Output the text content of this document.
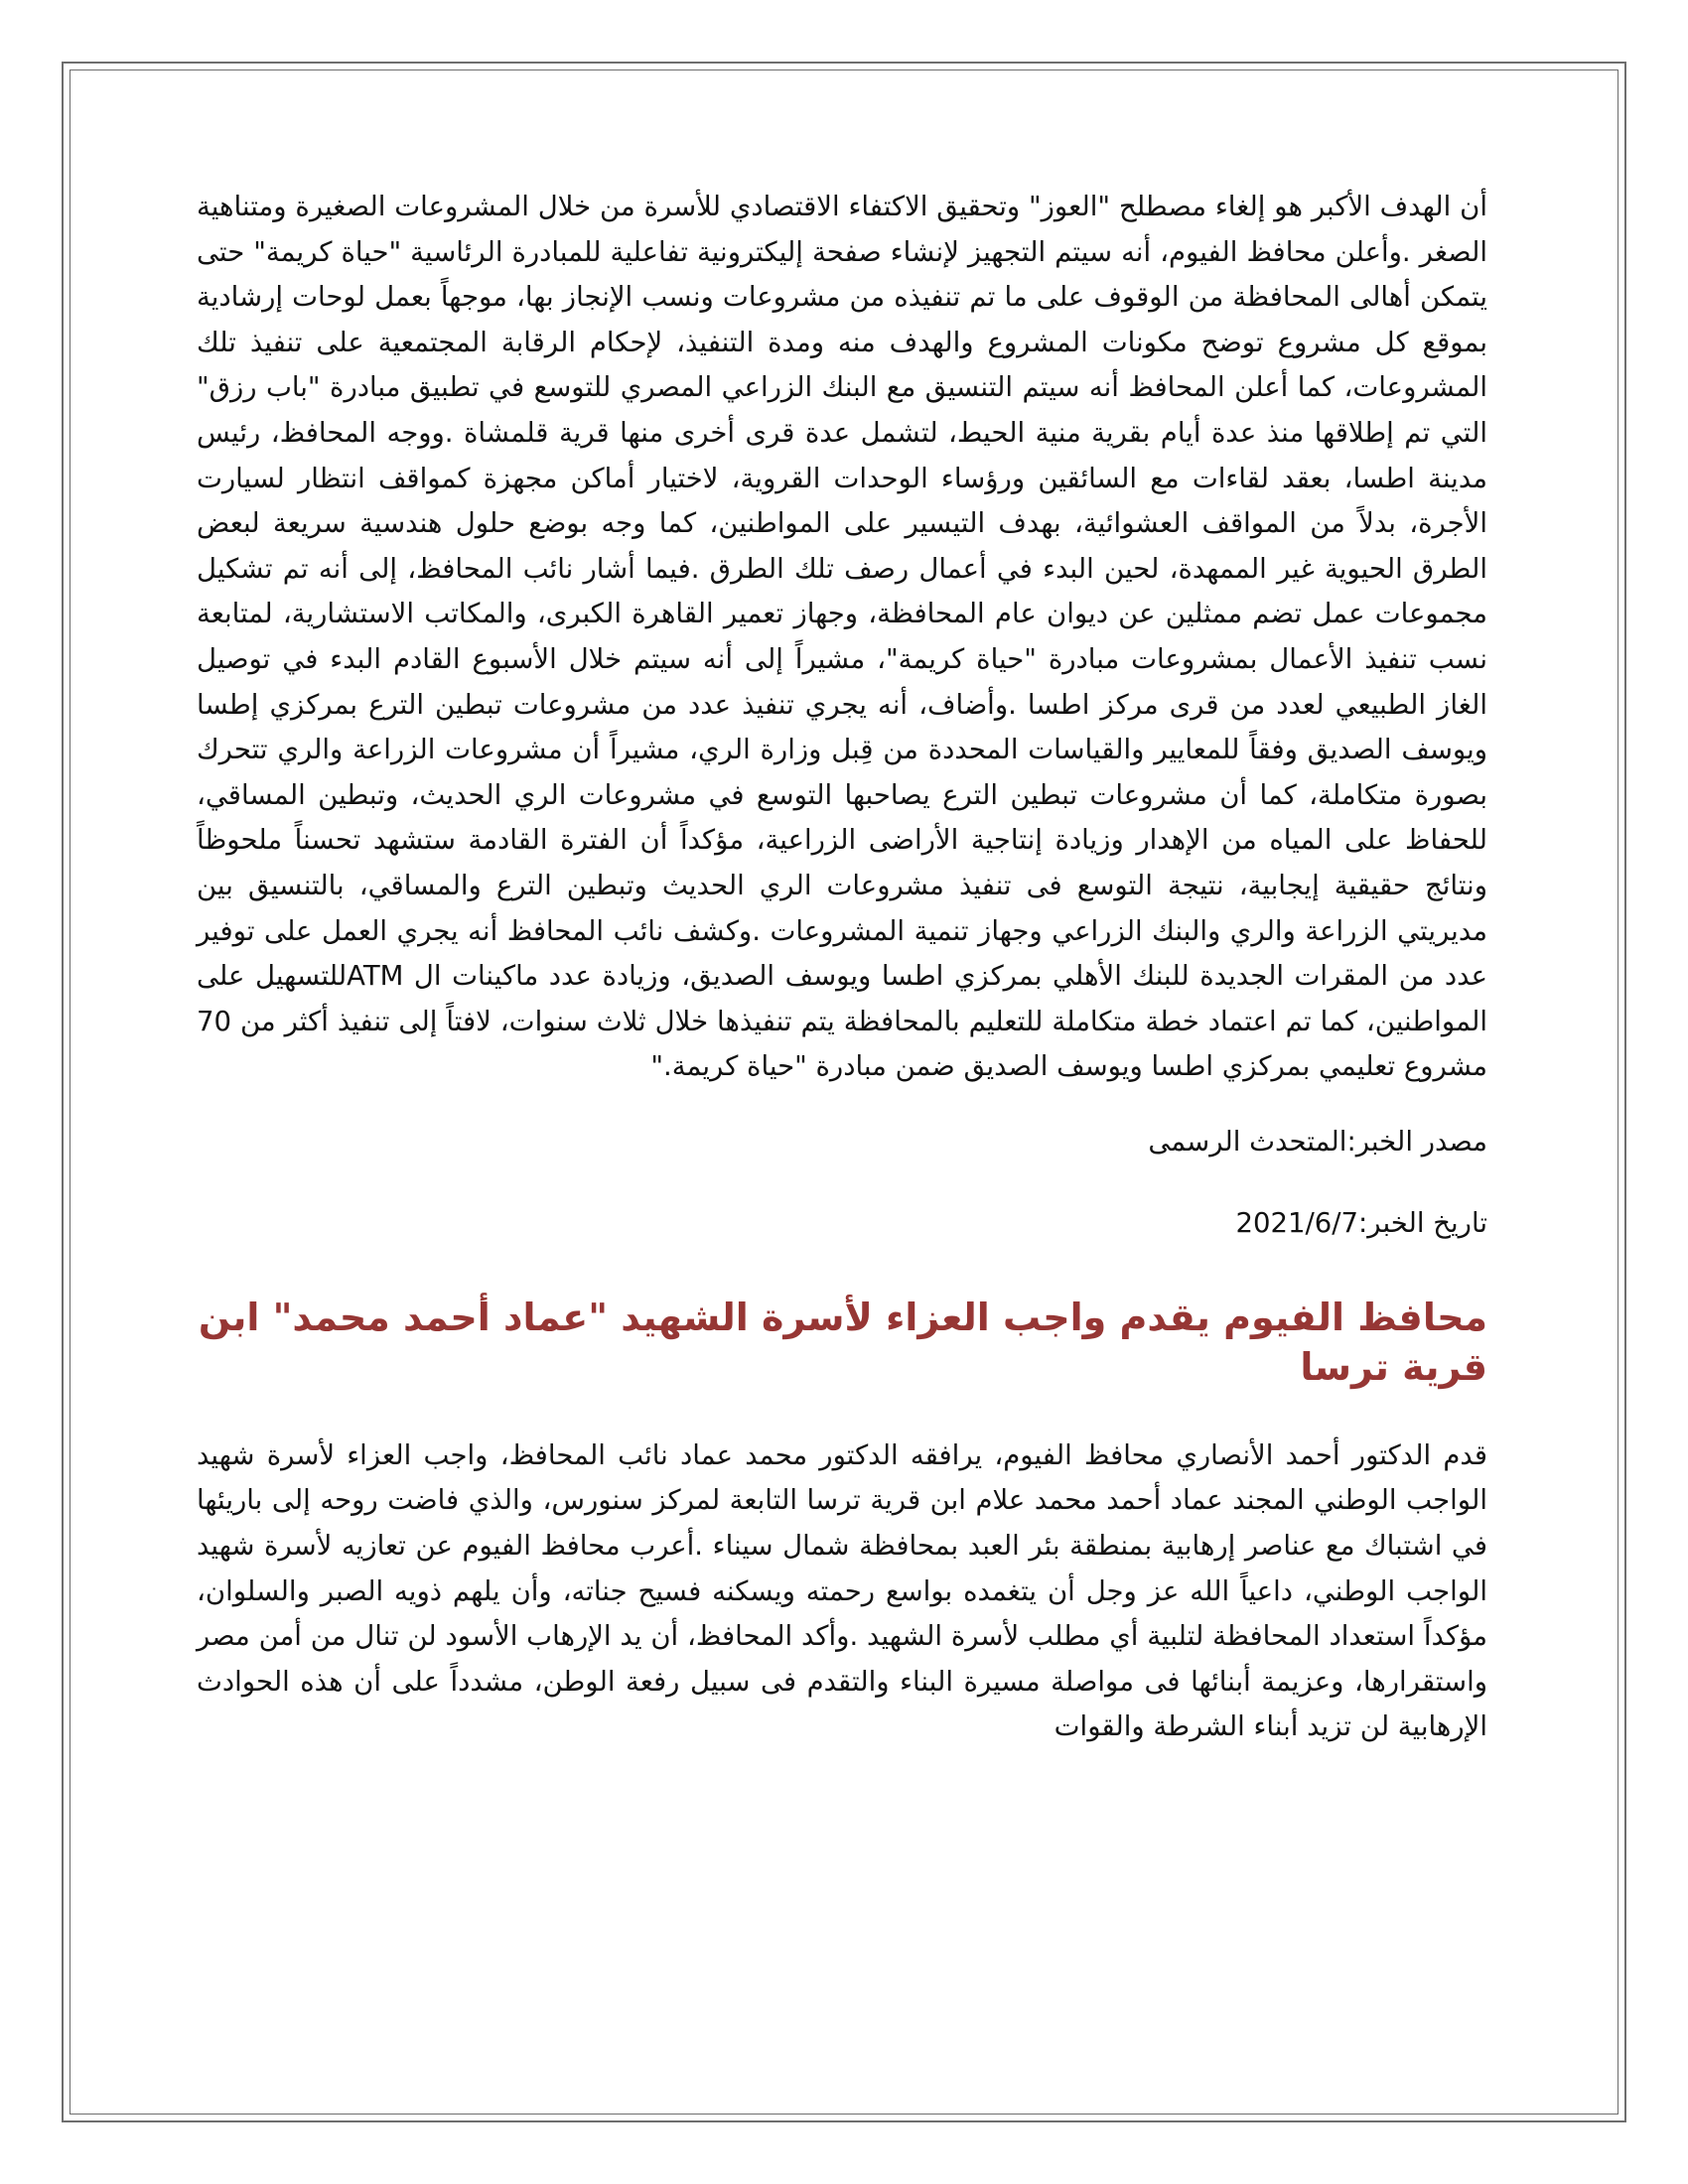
أن الهدف الأكبر هو إلغاء مصطلح "العوز" وتحقيق الاكتفاء الاقتصادي للأسرة من خلال المشروعات الصغيرة ومتناهية الصغر .وأعلن محافظ الفيوم، أنه سيتم التجهيز لإنشاء صفحة إليكترونية تفاعلية للمبادرة الرئاسية "حياة كريمة" حتى يتمكن أهالى المحافظة من الوقوف على ما تم تنفيذه من مشروعات ونسب الإنجاز بها، موجهاً بعمل لوحات إرشادية بموقع كل مشروع توضح مكونات المشروع والهدف منه ومدة التنفيذ، لإحكام الرقابة المجتمعية على تنفيذ تلك المشروعات، كما أعلن المحافظ أنه سيتم التنسيق مع البنك الزراعي المصري للتوسع في تطبيق مبادرة "باب رزق" التي تم إطلاقها منذ عدة أيام بقرية منية الحيط، لتشمل عدة قرى أخرى منها قرية قلمشاة .ووجه المحافظ، رئيس مدينة اطسا، بعقد لقاءات مع السائقين ورؤساء الوحدات القروية، لاختيار أماكن مجهزة كمواقف انتظار لسيارت الأجرة، بدلاً من المواقف العشوائية، بهدف التيسير على المواطنين، كما وجه بوضع حلول هندسية سريعة لبعض الطرق الحيوية غير الممهدة، لحين البدء في أعمال رصف تلك الطرق .فيما أشار نائب المحافظ، إلى أنه تم تشكيل مجموعات عمل تضم ممثلين عن ديوان عام المحافظة، وجهاز تعمير القاهرة الكبرى، والمكاتب الاستشارية، لمتابعة نسب تنفيذ الأعمال بمشروعات مبادرة "حياة كريمة"، مشيراً إلى أنه سيتم خلال الأسبوع القادم البدء في توصيل الغاز الطبيعي لعدد من قرى مركز اطسا .وأضاف، أنه يجري تنفيذ عدد من مشروعات تبطين الترع بمركزي إطسا ويوسف الصديق وفقاً للمعايير والقياسات المحددة من قِبل وزارة الري، مشيراً أن مشروعات الزراعة والري تتحرك بصورة متكاملة، كما أن مشروعات تبطين الترع يصاحبها التوسع في مشروعات الري الحديث، وتبطين المساقي، للحفاظ على المياه من الإهدار وزيادة إنتاجية الأراضى الزراعية، مؤكداً أن الفترة القادمة ستشهد تحسناً ملحوظاً ونتائج حقيقية إيجابية، نتيجة التوسع فى تنفيذ مشروعات الري الحديث وتبطين الترع والمساقي، بالتنسيق بين مديريتي الزراعة والري والبنك الزراعي وجهاز تنمية المشروعات .وكشف نائب المحافظ أنه يجري العمل على توفير عدد من المقرات الجديدة للبنك الأهلي بمركزي اطسا ويوسف الصديق، وزيادة عدد ماكينات ال ATMللتسهيل على المواطنين، كما تم اعتماد خطة متكاملة للتعليم بالمحافظة يتم تنفيذها خلال ثلاث سنوات، لافتاً إلى تنفيذ أكثر من 70 مشروع تعليمي بمركزي اطسا ويوسف الصديق ضمن مبادرة "حياة كريمة."

مصدر الخبر:المتحدث الرسمى

تاريخ الخبر:2021/6/7

محافظ الفيوم يقدم واجب العزاء لأسرة الشهيد "عماد أحمد محمد" ابن قرية ترسا

قدم الدكتور أحمد الأنصاري محافظ الفيوم، يرافقه الدكتور محمد عماد نائب المحافظ، واجب العزاء لأسرة شهيد الواجب الوطني المجند عماد أحمد محمد علام ابن قرية ترسا التابعة لمركز سنورس، والذي فاضت روحه إلى باريئها في اشتباك مع عناصر إرهابية بمنطقة بئر العبد بمحافظة شمال سيناء .أعرب محافظ الفيوم عن تعازيه لأسرة شهيد الواجب الوطني، داعياً الله عز وجل أن يتغمده بواسع رحمته ويسكنه فسيح جناته، وأن يلهم ذويه الصبر والسلوان، مؤكداً استعداد المحافظة لتلبية أي مطلب لأسرة الشهيد .وأكد المحافظ، أن يد الإرهاب الأسود لن تنال من أمن مصر واستقرارها، وعزيمة أبنائها فى مواصلة مسيرة البناء والتقدم فى سبيل رفعة الوطن، مشدداً على أن هذه الحوادث الإرهابية لن تزيد أبناء الشرطة والقوات
